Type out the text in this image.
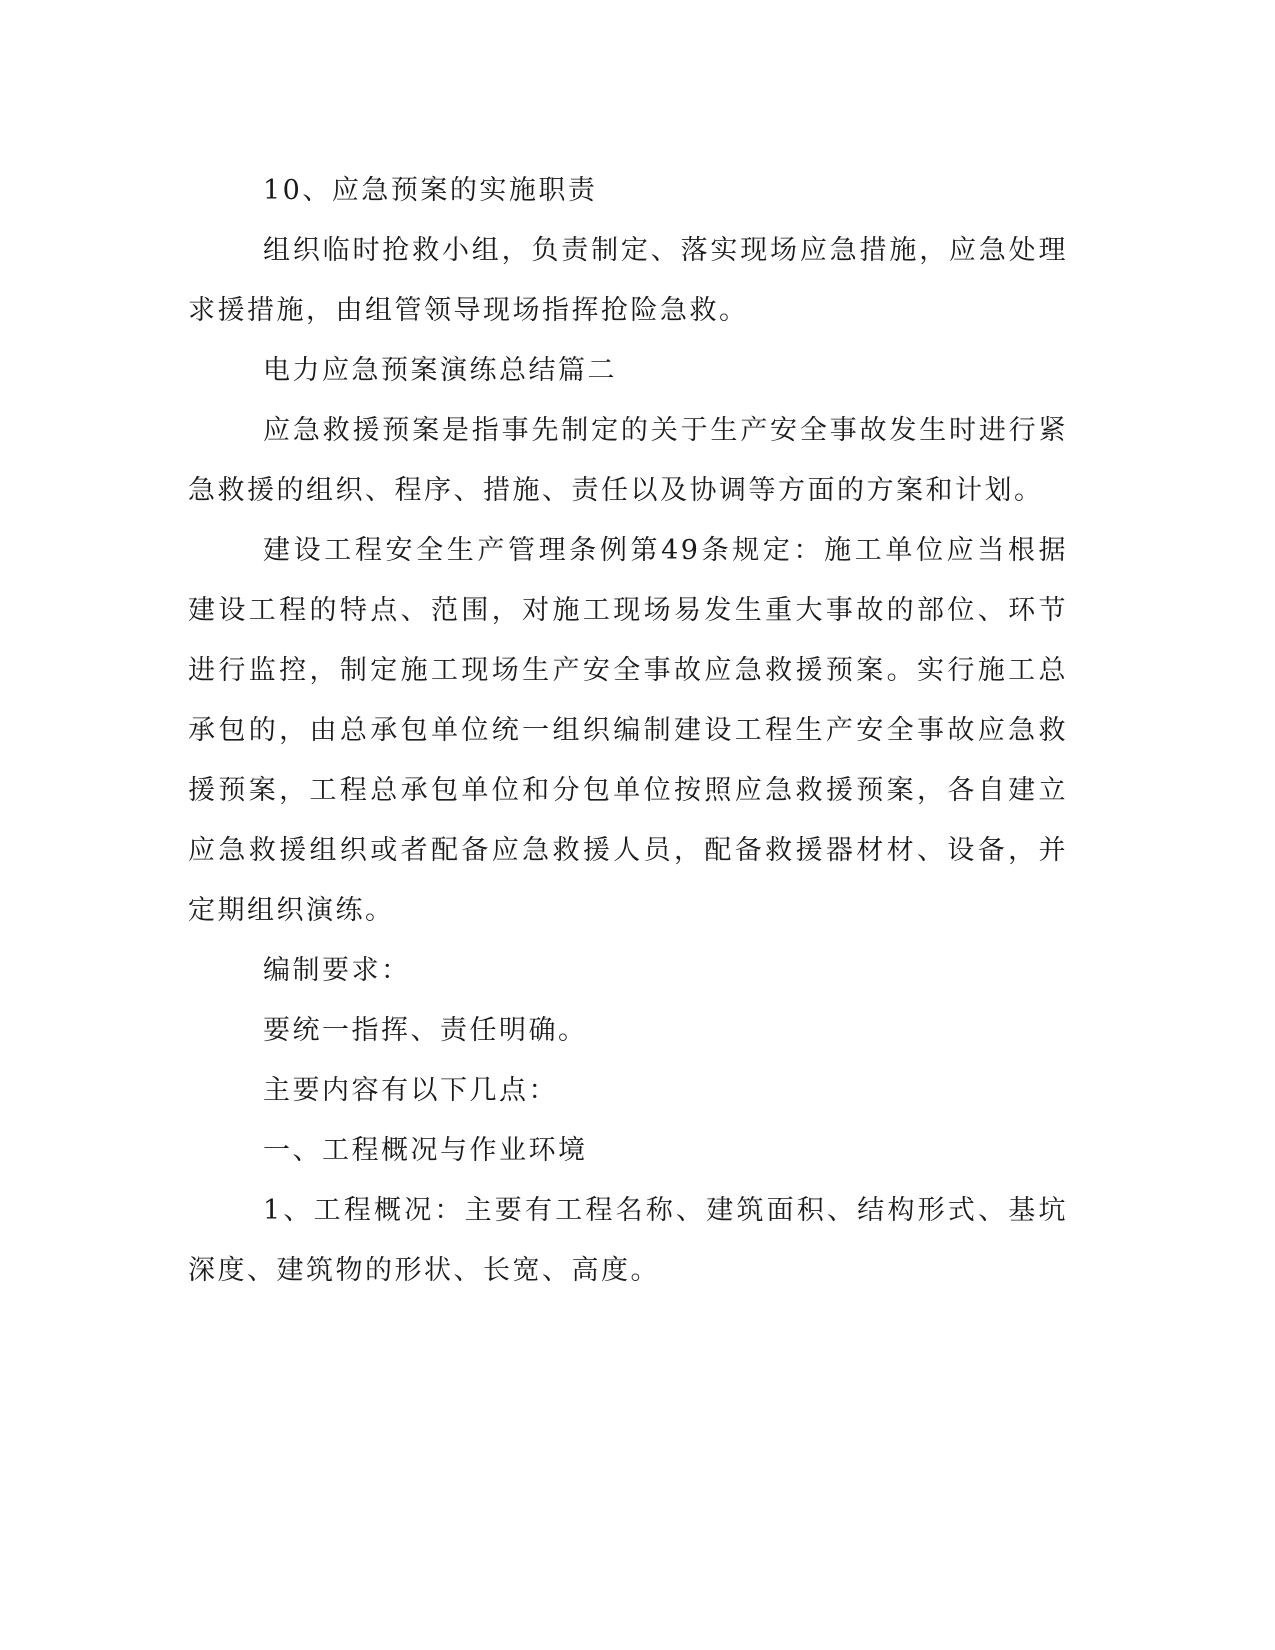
10、应急预案的实施职责

组织临时抢救小组，负责制定、落实现场应急措施，应急处理求援措施，由组管领导现场指挥抢险急救。

电力应急预案演练总结篇二

应急救援预案是指事先制定的关于生产安全事故发生时进行紧急救援的组织、程序、措施、责任以及协调等方面的方案和计划。

建设工程安全生产管理条例第49条规定：施工单位应当根据建设工程的特点、范围，对施工现场易发生重大事故的部位、环节进行监控，制定施工现场生产安全事故应急救援预案。实行施工总承包的，由总承包单位统一组织编制建设工程生产安全事故应急救援预案，工程总承包单位和分包单位按照应急救援预案，各自建立应急救援组织或者配备应急救援人员，配备救援器材材、设备，并定期组织演练。

编制要求：

要统一指挥、责任明确。

主要内容有以下几点：

一、工程概况与作业环境

1、工程概况：主要有工程名称、建筑面积、结构形式、基坑深度、建筑物的形状、长宽、高度。
